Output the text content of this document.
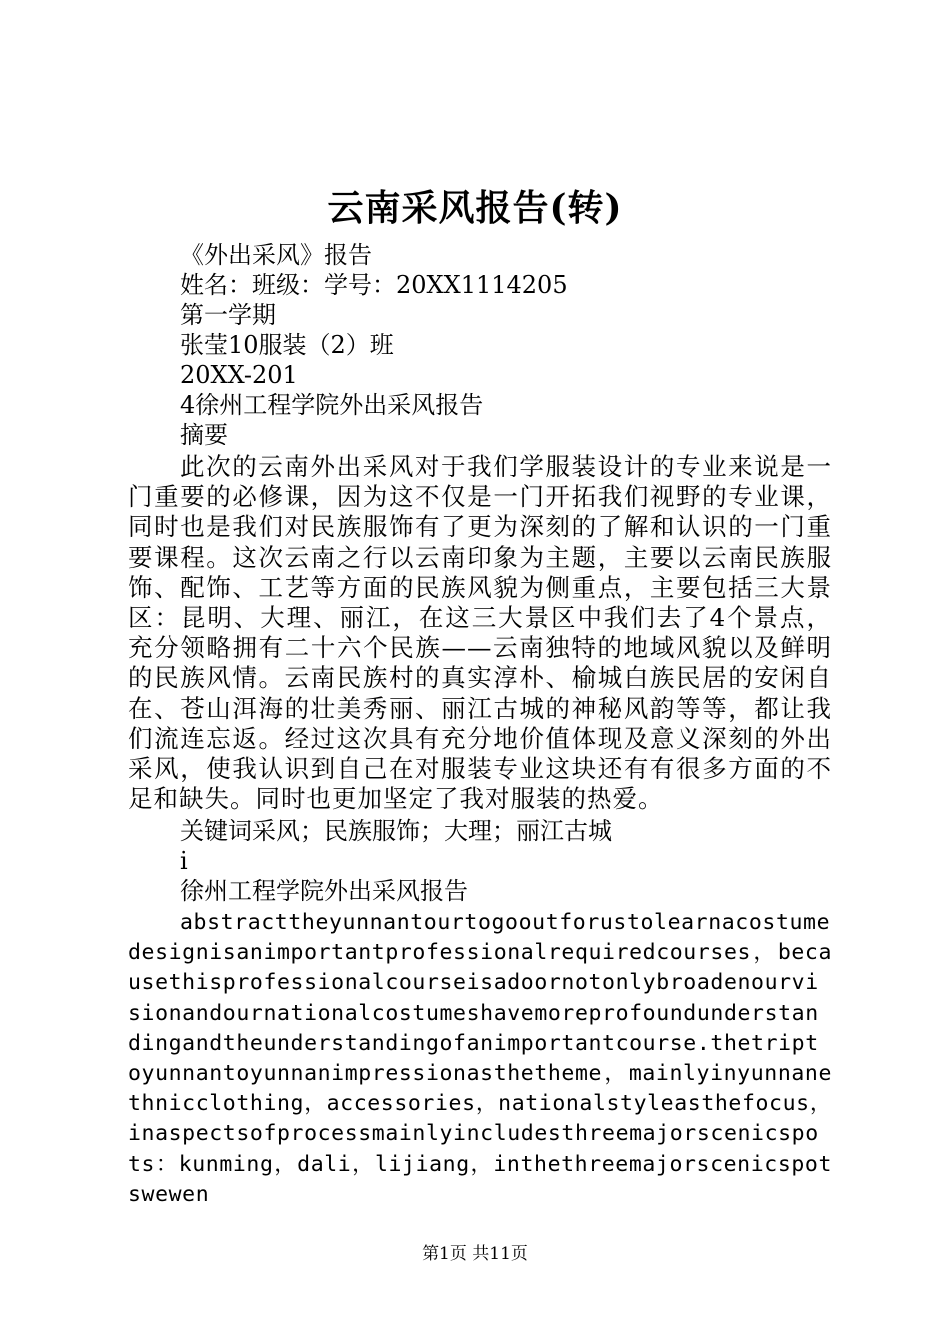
云南采风报告(转)
《外出采风》报告
姓名：班级：学号：20XX1114205
第一学期
张莹10服装（2）班
20XX-201
4徐州工程学院外出采风报告
摘要
此次的云南外出采风对于我们学服装设计的专业来说是一门重要的必修课，因为这不仅是一门开拓我们视野的专业课，同时也是我们对民族服饰有了更为深刻的了解和认识的一门重要课程。这次云南之行以云南印象为主题，主要以云南民族服饰、配饰、工艺等方面的民族风貌为侧重点，主要包括三大景区：昆明、大理、丽江，在这三大景区中我们去了4个景点，充分领略拥有二十六个民族——云南独特的地域风貌以及鲜明的民族风情。云南民族村的真实淳朴、榆城白族民居的安闲自在、苍山洱海的壮美秀丽、丽江古城的神秘风韵等等，都让我们流连忘返。经过这次具有充分地价值体现及意义深刻的外出采风，使我认识到自己在对服装专业这块还有有很多方面的不足和缺失。同时也更加坚定了我对服装的热爱。
关键词采风；民族服饰；大理；丽江古城
i
徐州工程学院外出采风报告
abstracttheyunnantourtogooutforustolearnacostumedesignisanimportantprofessionalrequiredcourses，becausethisprofessionalcourseisadoornotonlybroadenourvisionandournationalcostumeshavemoreprofoundunderstandingandtheunderstandingofanimportantcourse.thetriptoyunnantoyunnanimpressionasthetheme，mainlyinyunnanethnicclothing，accessories，nationalstyleasthefocus，inaspectsofprocessmainlyincludesthreemajorscenicspots：kunming，dali，lijiang，inthethreemajorscenicspotswewen
第1页 共11页
